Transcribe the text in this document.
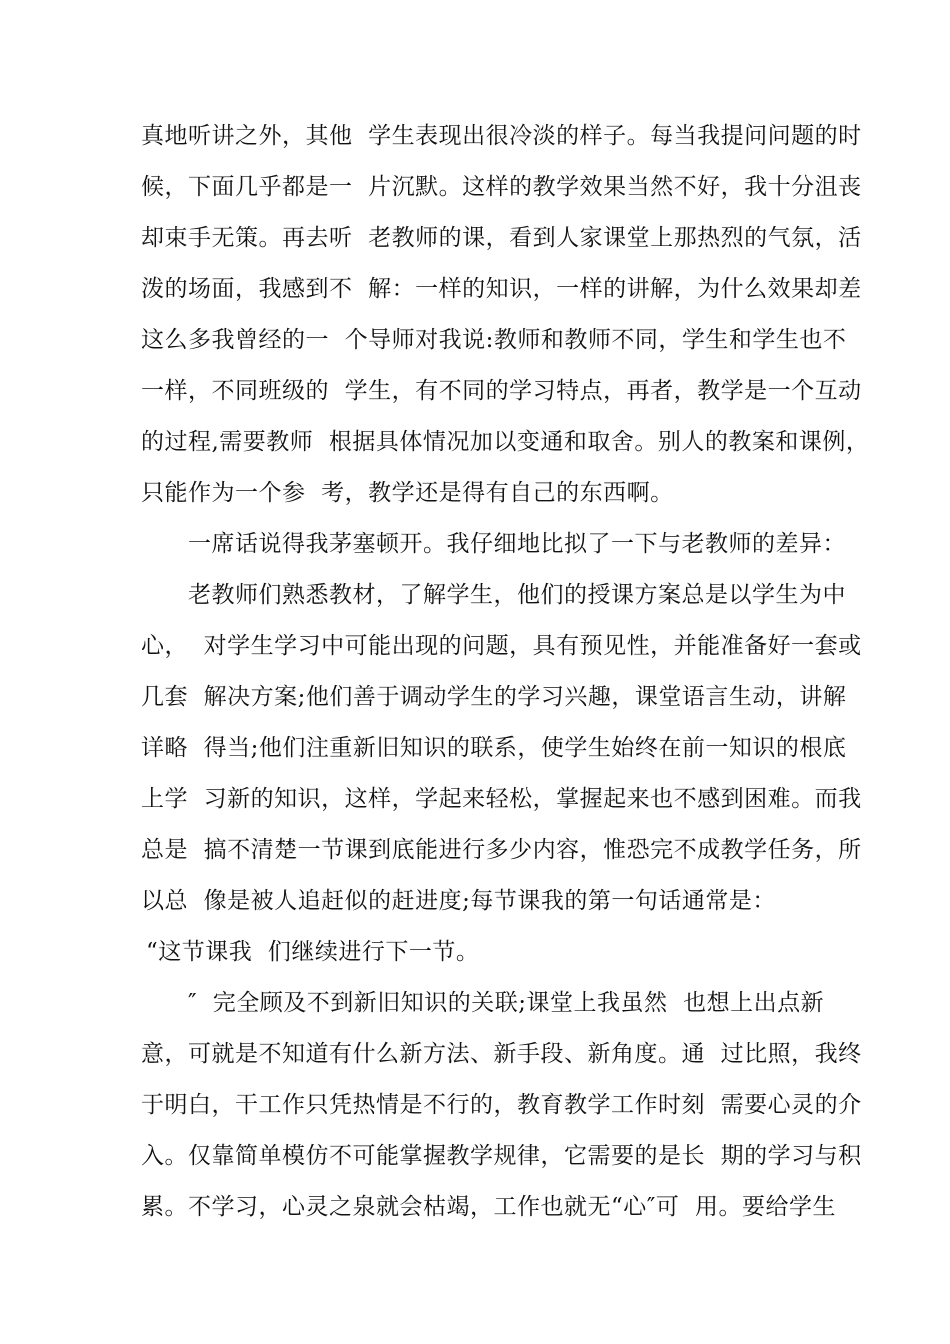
真地听讲之外，其他  学生表现出很冷淡的样子。每当我提问问题的时
候，下面几乎都是一  片沉默。这样的教学效果当然不好，我十分沮丧
却束手无策。再去听  老教师的课，看到人家课堂上那热烈的气氛，活
泼的场面，我感到不  解：一样的知识，一样的讲解，为什么效果却差
这么多我曾经的一  个导师对我说:教师和教师不同，学生和学生也不
一样，不同班级的  学生，有不同的学习特点，再者，教学是一个互动
的过程,需要教师  根据具体情况加以变通和取舍。别人的教案和课例，
只能作为一个参  考，教学还是得有自己的东西啊。
一席话说得我茅塞顿开。我仔细地比拟了一下与老教师的差异：
老教师们熟悉教材，了解学生，他们的授课方案总是以学生为中
心，  对学生学习中可能出现的问题，具有预见性，并能准备好一套或
几套  解决方案;他们善于调动学生的学习兴趣，课堂语言生动，讲解
详略  得当;他们注重新旧知识的联系，使学生始终在前一知识的根底
上学  习新的知识，这样，学起来轻松，掌握起来也不感到困难。而我
总是  搞不清楚一节课到底能进行多少内容，惟恐完不成教学任务，所
以总  像是被人追赶似的赶进度;每节课我的第一句话通常是：
“这节课我  们继续进行下一节。
″  完全顾及不到新旧知识的关联;课堂上我虽然  也想上出点新
意，可就是不知道有什么新方法、新手段、新角度。通  过比照，我终
于明白，干工作只凭热情是不行的，教育教学工作时刻  需要心灵的介
入。仅靠简单模仿不可能掌握教学规律，它需要的是长  期的学习与积
累。不学习，心灵之泉就会枯竭，工作也就无“心″可  用。要给学生
